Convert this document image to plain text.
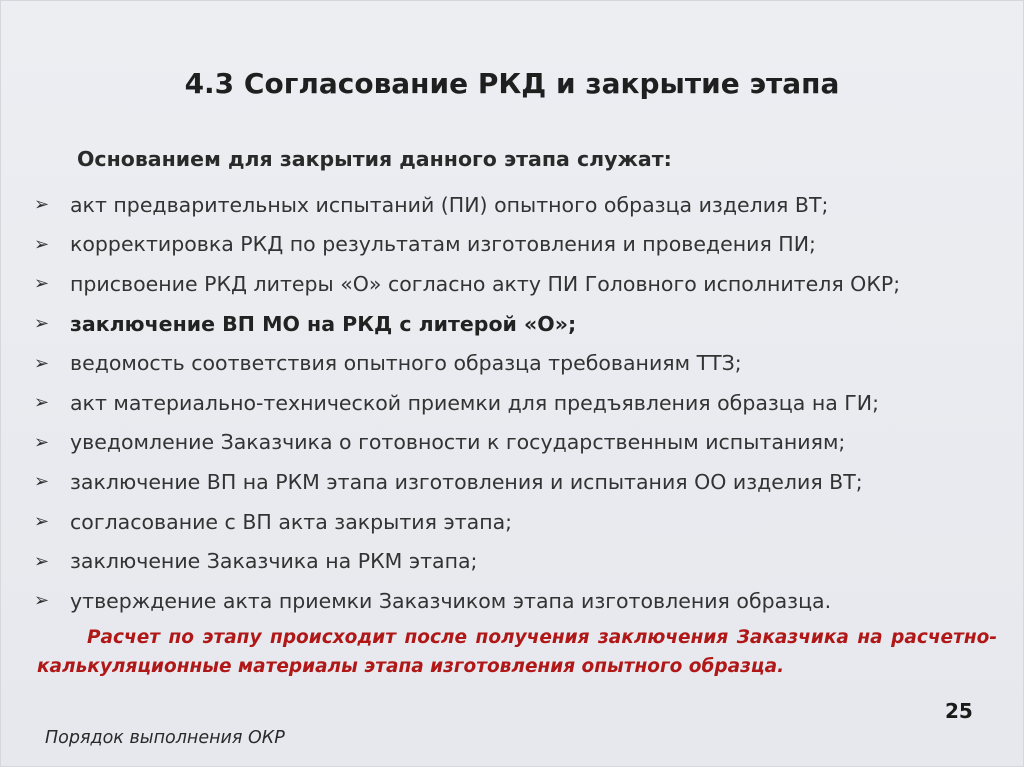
4.3 Согласование РКД и закрытие этапа
Основанием для закрытия данного этапа служат:
➢	акт предварительных испытаний (ПИ) опытного образца изделия ВТ;
➢	корректировка РКД по результатам изготовления и проведения ПИ;
➢	присвоение РКД литеры «О» согласно акту ПИ Головного исполнителя ОКР;
➢	заключение ВП МО на РКД с литерой «О»;
➢	ведомость соответствия опытного образца требованиям ТТЗ;
➢	акт материально-технической приемки для предъявления образца на ГИ;
➢	уведомление Заказчика о готовности к государственным испытаниям;
➢	заключение ВП на РКМ этапа изготовления и испытания ОО изделия ВТ;
➢	согласование с ВП акта закрытия этапа;
➢	заключение Заказчика на РКМ этапа;
➢	утверждение акта приемки Заказчиком этапа изготовления образца.
Расчет по этапу происходит после получения заключения Заказчика на расчетно-калькуляционные материалы этапа изготовления опытного образца.
25
Порядок выполнения ОКР
